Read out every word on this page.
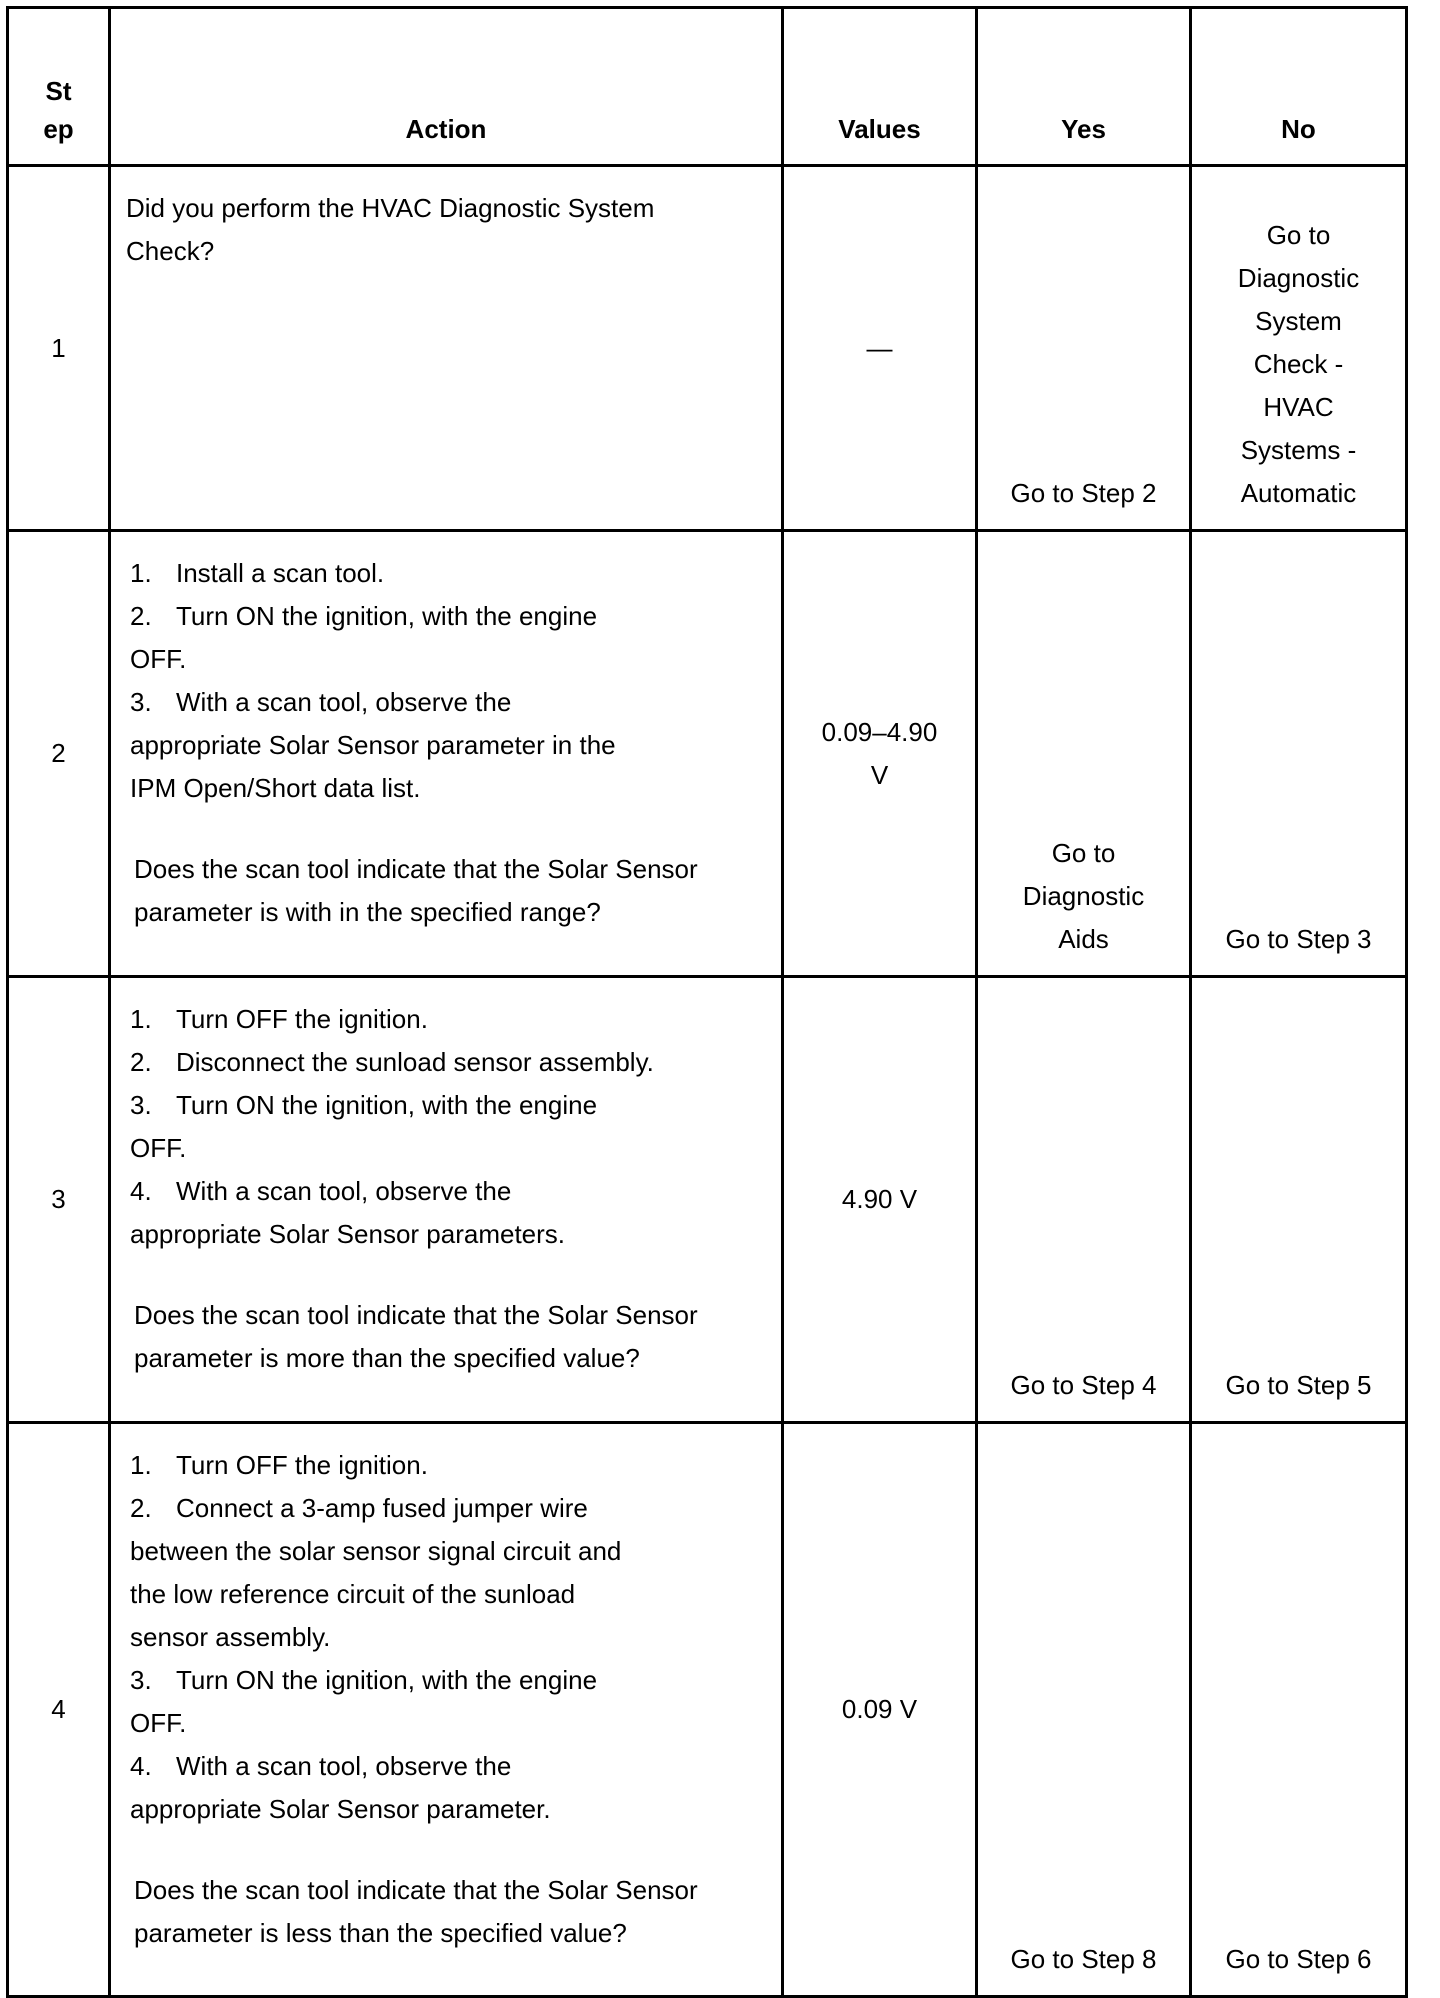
St ep	Action	Values	Yes	No
1	Did you perform the HVAC Diagnostic System Check?	—	Go to Step 2	Go to Diagnostic System Check - HVAC Systems - Automatic
2	1. Install a scan tool.
2. Turn ON the ignition, with the engine OFF.
3. With a scan tool, observe the appropriate Solar Sensor parameter in the IPM Open/Short data list.
Does the scan tool indicate that the Solar Sensor parameter is with in the specified range?	0.09–4.90 V	Go to Diagnostic Aids	Go to Step 3
3	1. Turn OFF the ignition.
2. Disconnect the sunload sensor assembly.
3. Turn ON the ignition, with the engine OFF.
4. With a scan tool, observe the appropriate Solar Sensor parameters.
Does the scan tool indicate that the Solar Sensor parameter is more than the specified value?	4.90 V	Go to Step 4	Go to Step 5
4	1. Turn OFF the ignition.
2. Connect a 3-amp fused jumper wire between the solar sensor signal circuit and the low reference circuit of the sunload sensor assembly.
3. Turn ON the ignition, with the engine OFF.
4. With a scan tool, observe the appropriate Solar Sensor parameter.
Does the scan tool indicate that the Solar Sensor parameter is less than the specified value?	0.09 V	Go to Step 8	Go to Step 6
